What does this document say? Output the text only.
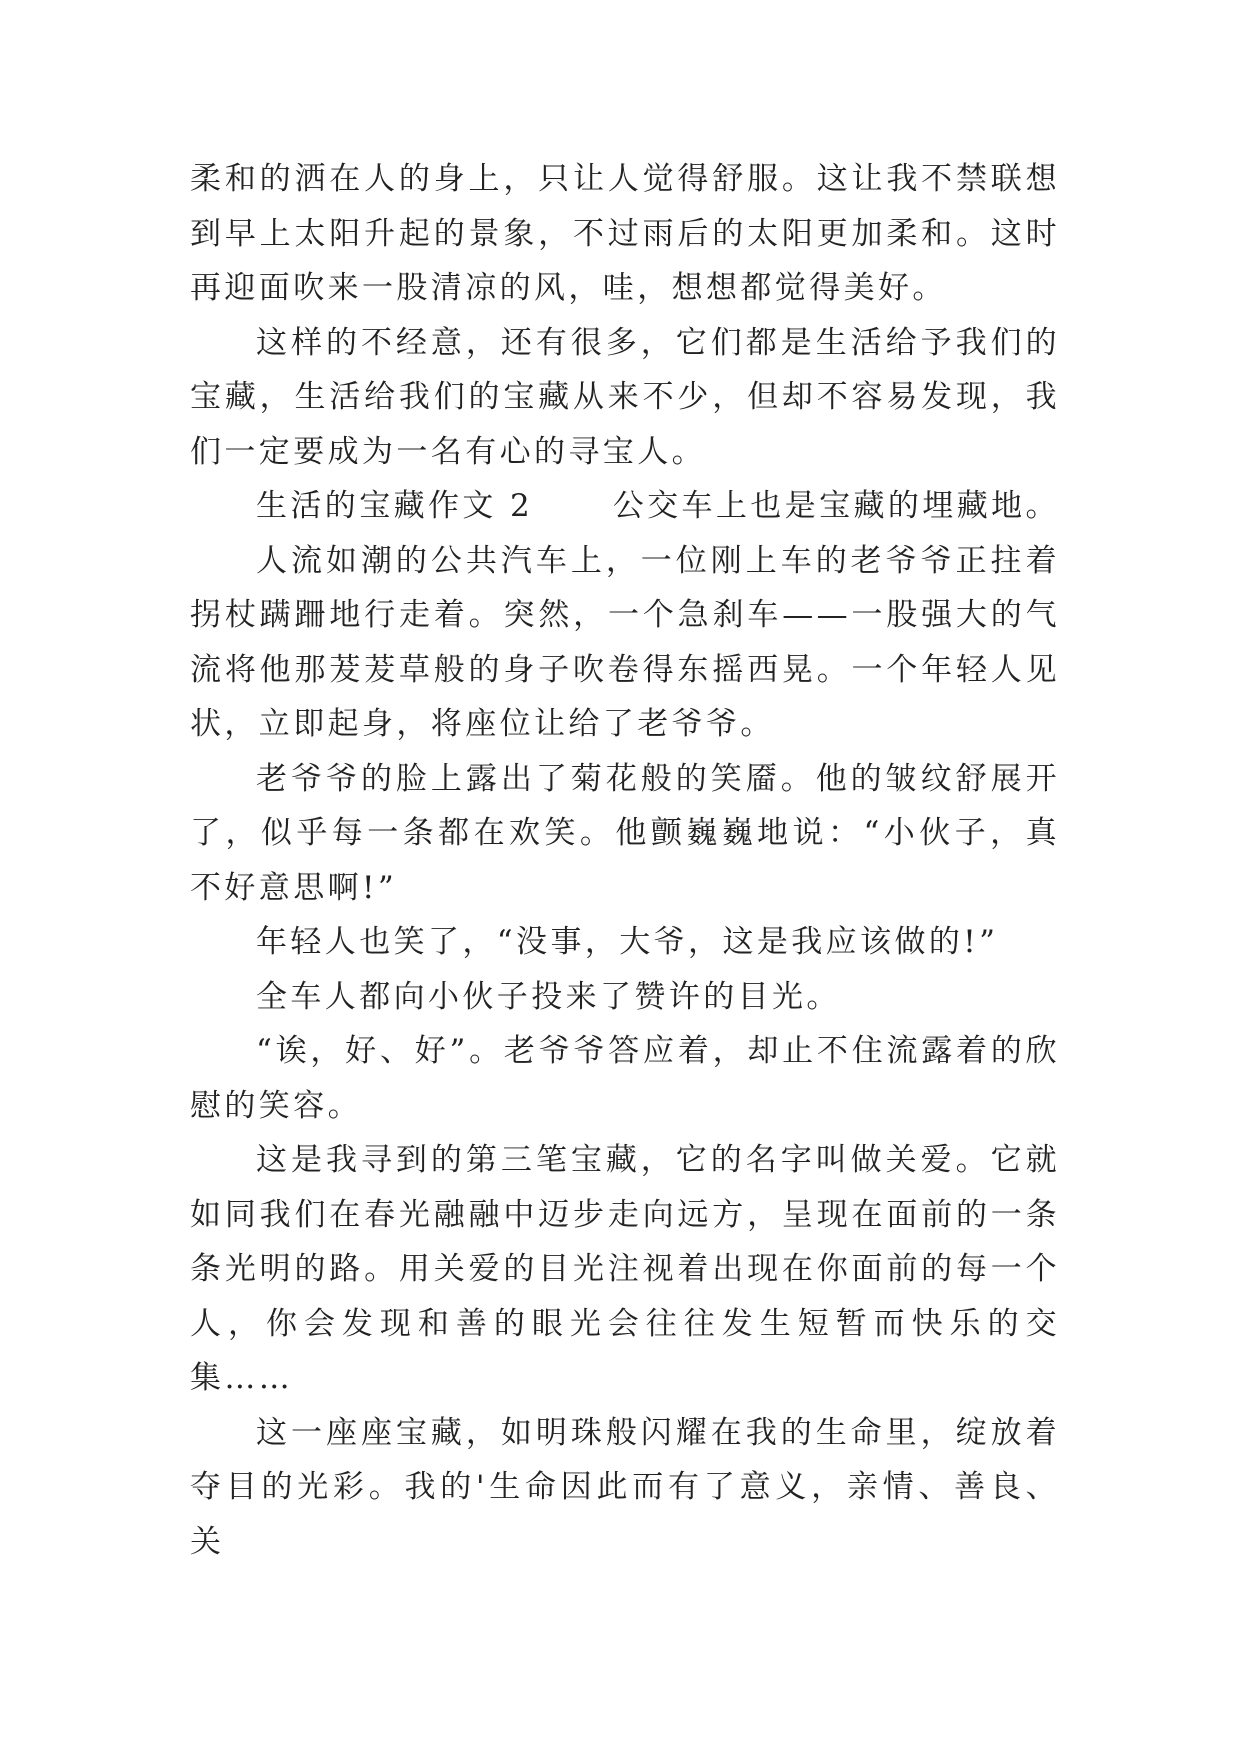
柔和的洒在人的身上，只让人觉得舒服。这让我不禁联想到早上太阳升起的景象，不过雨后的太阳更加柔和。这时再迎面吹来一股清凉的风，哇，想想都觉得美好。

这样的不经意，还有很多，它们都是生活给予我们的宝藏，生活给我们的宝藏从来不少，但却不容易发现，我们一定要成为一名有心的寻宝人。

生活的宝藏作文 2      公交车上也是宝藏的埋藏地。

人流如潮的公共汽车上，一位刚上车的老爷爷正拄着拐杖蹒跚地行走着。突然，一个急刹车——一股强大的气流将他那茇茇草般的身子吹卷得东摇西晃。一个年轻人见状，立即起身，将座位让给了老爷爷。

老爷爷的脸上露出了菊花般的笑靥。他的皱纹舒展开了，似乎每一条都在欢笑。他颤巍巍地说：“小伙子，真不好意思啊!”

年轻人也笑了，“没事，大爷，这是我应该做的!”

全车人都向小伙子投来了赞许的目光。

“诶，好、好”。老爷爷答应着，却止不住流露着的欣慰的笑容。

这是我寻到的第三笔宝藏，它的名字叫做关爱。它就如同我们在春光融融中迈步走向远方，呈现在面前的一条条光明的路。用关爱的目光注视着出现在你面前的每一个人，你会发现和善的眼光会往往发生短暂而快乐的交集……

这一座座宝藏，如明珠般闪耀在我的生命里，绽放着夺目的光彩。我的'生命因此而有了意义，亲情、善良、关
